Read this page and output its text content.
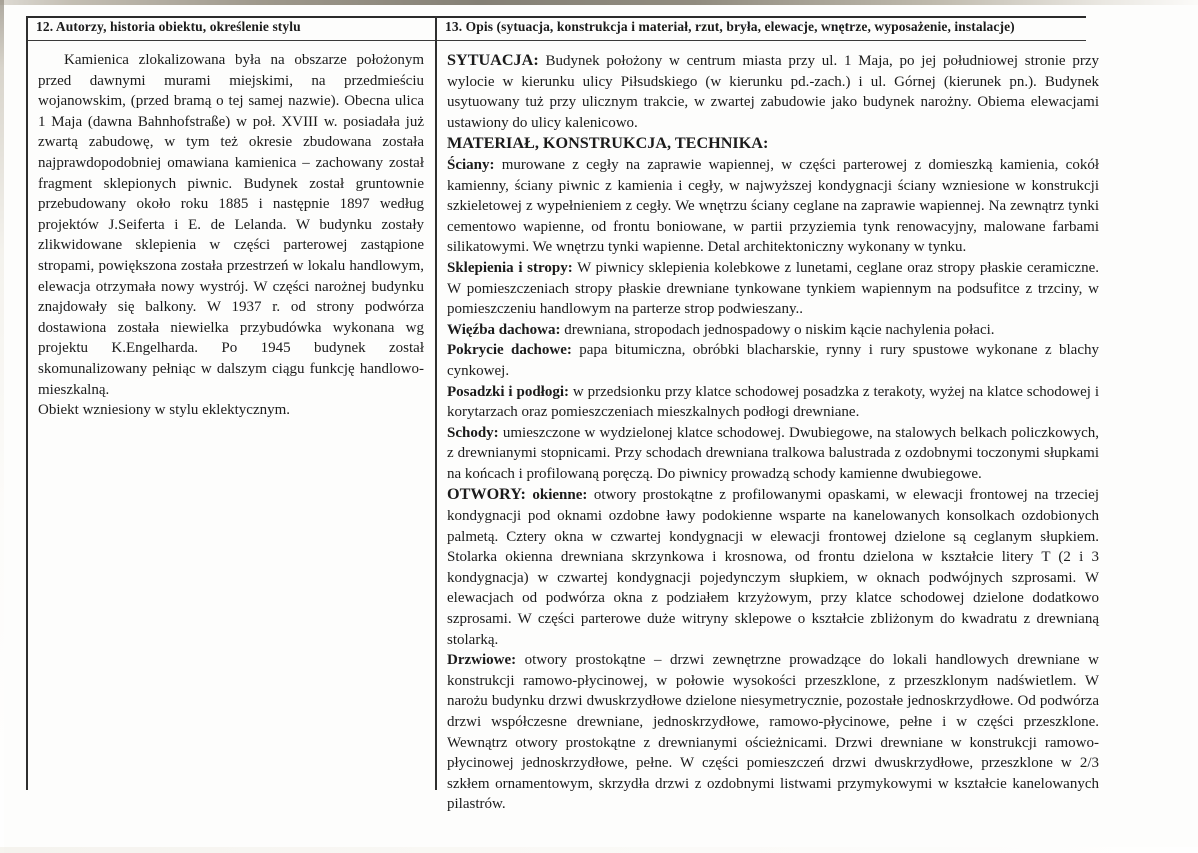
12. Autorzy, historia obiektu, określenie stylu	13. Opis (sytuacja, konstrukcja i materiał, rzut, bryła, elewacje, wnętrze, wyposażenie, instalacje)

Kamienica zlokalizowana była na obszarze położonym przed dawnymi murami miejskimi, na przedmieściu wojanowskim, (przed bramą o tej samej nazwie). Obecna ulica 1 Maja (dawna Bahnhofstraße) w poł. XVIII w. posiadała już zwartą zabudowę, w tym też okresie zbudowana została najprawdopodobniej omawiana kamienica – zachowany został fragment sklepionych piwnic. Budynek został gruntownie przebudowany około roku 1885 i następnie 1897 według projektów J.Seiferta i E. de Lelanda. W budynku zostały zlikwidowane sklepienia w części parterowej zastąpione stropami, powiększona została przestrzeń w lokalu handlowym, elewacja otrzymała nowy wystrój. W części narożnej budynku znajdowały się balkony. W 1937 r. od strony podwórza dostawiona została niewielka przybudówka wykonana wg projektu K.Engelharda. Po 1945 budynek został skomunalizowany pełniąc w dalszym ciągu funkcję handlowo-mieszkalną.

Obiekt wzniesiony w stylu eklektycznym.

SYTUACJA: Budynek położony w centrum miasta przy ul. 1 Maja, po jej południowej stronie przy wylocie w kierunku ulicy Piłsudskiego (w kierunku pd.-zach.) i ul. Górnej (kierunek pn.). Budynek usytuowany tuż przy ulicznym trakcie, w zwartej zabudowie jako budynek narożny. Obiema elewacjami ustawiony do ulicy kalenicowo.

MATERIAŁ, KONSTRUKCJA, TECHNIKA:

Ściany: murowane z cegły na zaprawie wapiennej, w części parterowej z domieszką kamienia, cokół kamienny, ściany piwnic z kamienia i cegły, w najwyższej kondygnacji ściany wzniesione w konstrukcji szkieletowej z wypełnieniem z cegły. We wnętrzu ściany ceglane na zaprawie wapiennej. Na zewnątrz tynki cementowo wapienne, od frontu boniowane, w partii przyziemia tynk renowacyjny, malowane farbami silikatowymi. We wnętrzu tynki wapienne. Detal architektoniczny wykonany w tynku.

Sklepienia i stropy: W piwnicy sklepienia kolebkowe z lunetami, ceglane oraz stropy płaskie ceramiczne. W pomieszczeniach stropy płaskie drewniane tynkowane tynkiem wapiennym na podsufitce z trzciny, w pomieszczeniu handlowym na parterze strop podwieszany..

Więźba dachowa: drewniana, stropodach jednospadowy o niskim kącie nachylenia połaci.

Pokrycie dachowe: papa bitumiczna, obróbki blacharskie, rynny i rury spustowe wykonane z blachy cynkowej.

Posadzki i podłogi: w przedsionku przy klatce schodowej posadzka z terakoty, wyżej na klatce schodowej i korytarzach oraz pomieszczeniach mieszkalnych podłogi drewniane.

Schody: umieszczone w wydzielonej klatce schodowej. Dwubiegowe, na stalowych belkach policzkowych, z drewnianymi stopnicami. Przy schodach drewniana tralkowa balustrada z ozdobnymi toczonymi słupkami na końcach i profilowaną poręczą. Do piwnicy prowadzą schody kamienne dwubiegowe.

OTWORY: okienne: otwory prostokątne z profilowanymi opaskami, w elewacji frontowej na trzeciej kondygnacji pod oknami ozdobne ławy podokienne wsparte na kanelowanych konsolkach ozdobionych palmetą. Cztery okna w czwartej kondygnacji w elewacji frontowej dzielone są ceglanym słupkiem. Stolarka okienna drewniana skrzynkowa i krosnowa, od frontu dzielona w kształcie litery T (2 i 3 kondygnacja) w czwartej kondygnacji pojedynczym słupkiem, w oknach podwójnych szprosami. W elewacjach od podwórza okna z podziałem krzyżowym, przy klatce schodowej dzielone dodatkowo szprosami. W części parterowe duże witryny sklepowe o kształcie zbliżonym do kwadratu z drewnianą stolarką.

Drzwiowe: otwory prostokątne – drzwi zewnętrzne prowadzące do lokali handlowych drewniane w konstrukcji ramowo-płycinowej, w połowie wysokości przeszklone, z przeszklonym nadświetlem. W narożu budynku drzwi dwuskrzydłowe dzielone niesymetrycznie, pozostałe jednoskrzydłowe. Od podwórza drzwi współczesne drewniane, jednoskrzydłowe, ramowo-płycinowe, pełne i w części przeszklone. Wewnątrz otwory prostokątne z drewnianymi ościeżnicami. Drzwi drewniane w konstrukcji ramowo-płycinowej jednoskrzydłowe, pełne. W części pomieszczeń drzwi dwuskrzydłowe, przeszklone w 2/3 szkłem ornamentowym, skrzydła drzwi z ozdobnymi listwami przymykowymi w kształcie kanelowanych pilastrów.
